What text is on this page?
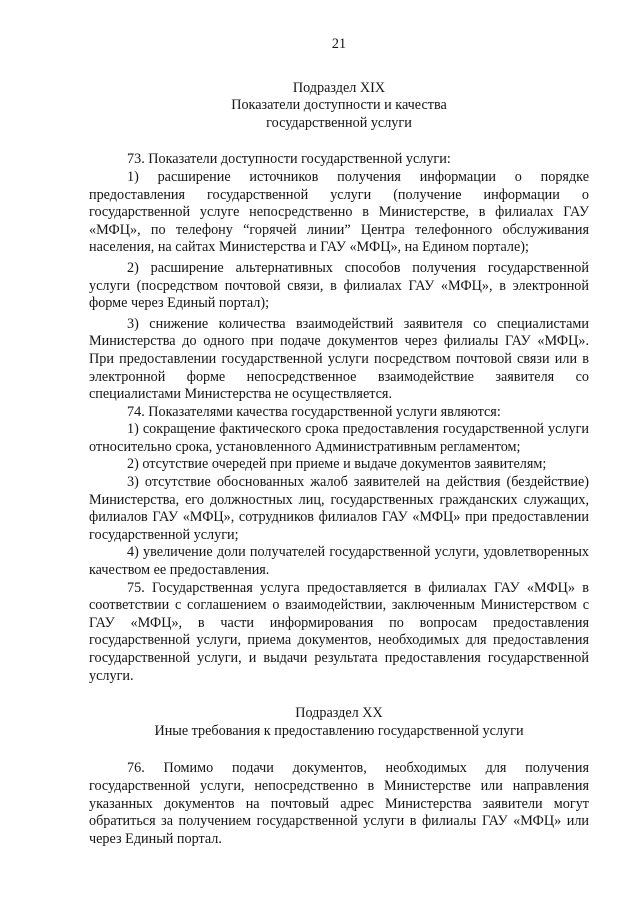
21

Подраздел XIX

Показатели доступности и качества

государственной услуги

73. Показатели доступности государственной услуги:

1) расширение источников получения информации о порядке предоставления государственной услуги (получение информации о государственной услуге непосредственно в Министерстве, в филиалах ГАУ «МФЦ», по телефону “горячей линии” Центра телефонного обслуживания населения, на сайтах Министерства и ГАУ «МФЦ», на Едином портале);

2) расширение альтернативных способов получения государственной услуги (посредством почтовой связи, в филиалах ГАУ «МФЦ», в электронной форме через Единый портал);

3) снижение количества взаимодействий заявителя со специалистами Министерства до одного при подаче документов через филиалы ГАУ «МФЦ». При предоставлении государственной услуги посредством почтовой связи или в электронной форме непосредственное взаимодействие заявителя со специалистами Министерства не осуществляется.

74. Показателями качества государственной услуги являются:

1) сокращение фактического срока предоставления государственной услуги относительно срока, установленного Административным регламентом;

2) отсутствие очередей при приеме и выдаче документов заявителям;

3) отсутствие обоснованных жалоб заявителей на действия (бездействие) Министерства, его должностных лиц, государственных гражданских служащих, филиалов ГАУ «МФЦ», сотрудников филиалов ГАУ «МФЦ» при предоставлении государственной услуги;

4) увеличение доли получателей государственной услуги, удовлетворенных качеством ее предоставления.

75. Государственная услуга предоставляется в филиалах ГАУ «МФЦ» в соответствии с соглашением о взаимодействии, заключенным Министерством с ГАУ «МФЦ», в части информирования по вопросам предоставления государственной услуги, приема документов, необходимых для предоставления государственной услуги, и выдачи результата предоставления государственной услуги.

Подраздел XX

Иные требования к предоставлению государственной услуги

76. Помимо подачи документов, необходимых для получения государственной услуги, непосредственно в Министерстве или направления указанных документов на почтовый адрес Министерства заявители могут обратиться за получением государственной услуги в филиалы ГАУ «МФЦ» или через Единый портал.
